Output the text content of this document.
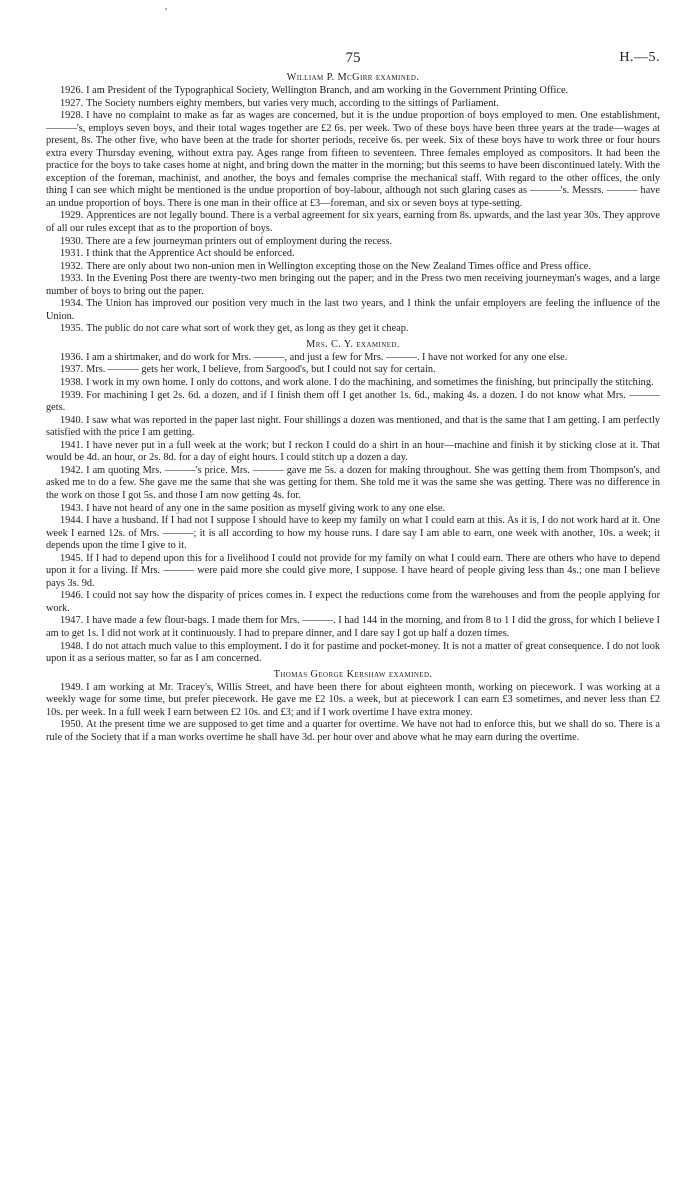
75	H.—5.
William P. McGirr examined.

1926. I am President of the Typographical Society, Wellington Branch, and am working in the Government Printing Office.

1927. The Society numbers eighty members, but varies very much, according to the sittings of Parliament.

1928. I have no complaint to make as far as wages are concerned, but it is the undue proportion of boys employed to men. One establishment, ———'s, employs seven boys, and their total wages together are £2 6s. per week. Two of these boys have been three years at the trade—wages at present, 8s. The other five, who have been at the trade for shorter periods, receive 6s. per week. Six of these boys have to work three or four hours extra every Thursday evening, without extra pay. Ages range from fifteen to seventeen. Three females employed as compositors. It had been the practice for the boys to take cases home at night, and bring down the matter in the morning; but this seems to have been discontinued lately. With the exception of the foreman, machinist, and another, the boys and females comprise the mechanical staff. With regard to the other offices, the only thing I can see which might be mentioned is the undue proportion of boy-labour, although not such glaring cases as ———'s. Messrs. ——— have an undue proportion of boys. There is one man in their office at £3—foreman, and six or seven boys at type-setting.

1929. Apprentices are not legally bound. There is a verbal agreement for six years, earning from 8s. upwards, and the last year 30s. They approve of all our rules except that as to the proportion of boys.

1930. There are a few journeyman printers out of employment during the recess.

1931. I think that the Apprentice Act should be enforced.

1932. There are only about two non-union men in Wellington excepting those on the New Zealand Times office and Press office.

1933. In the Evening Post there are twenty-two men bringing out the paper; and in the Press two men receiving journeyman's wages, and a large number of boys to bring out the paper.

1934. The Union has improved our position very much in the last two years, and I think the unfair employers are feeling the influence of the Union.

1935. The public do not care what sort of work they get, as long as they get it cheap.

Mrs. C. Y. examined.

1936. I am a shirtmaker, and do work for Mrs. ———, and just a few for Mrs. ———. I have not worked for any one else.

1937. Mrs. ——— gets her work, I believe, from Sargood's, but I could not say for certain.

1938. I work in my own home. I only do cottons, and work alone. I do the machining, and sometimes the finishing, but principally the stitching.

1939. For machining I get 2s. 6d. a dozen, and if I finish them off I get another 1s. 6d., making 4s. a dozen. I do not know what Mrs. ——— gets.

1940. I saw what was reported in the paper last night. Four shillings a dozen was mentioned, and that is the same that I am getting. I am perfectly satisfied with the price I am getting.

1941. I have never put in a full week at the work; but I reckon I could do a shirt in an hour—machine and finish it by sticking close at it. That would be 4d. an hour, or 2s. 8d. for a day of eight hours. I could stitch up a dozen a day.

1942. I am quoting Mrs. ———'s price. Mrs. ——— gave me 5s. a dozen for making throughout. She was getting them from Thompson's, and asked me to do a few. She gave me the same that she was getting for them. She told me it was the same she was getting. There was no difference in the work on those I got 5s. and those I am now getting 4s. for.

1943. I have not heard of any one in the same position as myself giving work to any one else.

1944. I have a husband. If I had not I suppose I should have to keep my family on what I could earn at this. As it is, I do not work hard at it. One week I earned 12s. of Mrs. ———; it is all according to how my house runs. I dare say I am able to earn, one week with another, 10s. a week; it depends upon the time I give to it.

1945. If I had to depend upon this for a livelihood I could not provide for my family on what I could earn. There are others who have to depend upon it for a living. If Mrs. ——— were paid more she could give more, I suppose. I have heard of people giving less than 4s.; one man I believe pays 3s. 9d.

1946. I could not say how the disparity of prices comes in. I expect the reductions come from the warehouses and from the people applying for work.

1947. I have made a few flour-bags. I made them for Mrs. ———. I had 144 in the morning, and from 8 to 1 I did the gross, for which I believe I am to get 1s. I did not work at it continuously. I had to prepare dinner, and I dare say I got up half a dozen times.

1948. I do not attach much value to this employment. I do it for pastime and pocket-money. It is not a matter of great consequence. I do not look upon it as a serious matter, so far as I am concerned.

Thomas George Kershaw examined.

1949. I am working at Mr. Tracey's, Willis Street, and have been there for about eighteen month, working on piecework. I was working at a weekly wage for some time, but prefer piecework. He gave me £2 10s. a week, but at piecework I can earn £3 sometimes, and never less than £2 10s. per week. In a full week I earn between £2 10s. and £3; and if I work overtime I have extra money.

1950. At the present time we are supposed to get time and a quarter for overtime. We have not had to enforce this, but we shall do so. There is a rule of the Society that if a man works overtime he shall have 3d. per hour over and above what he may earn during the overtime.
